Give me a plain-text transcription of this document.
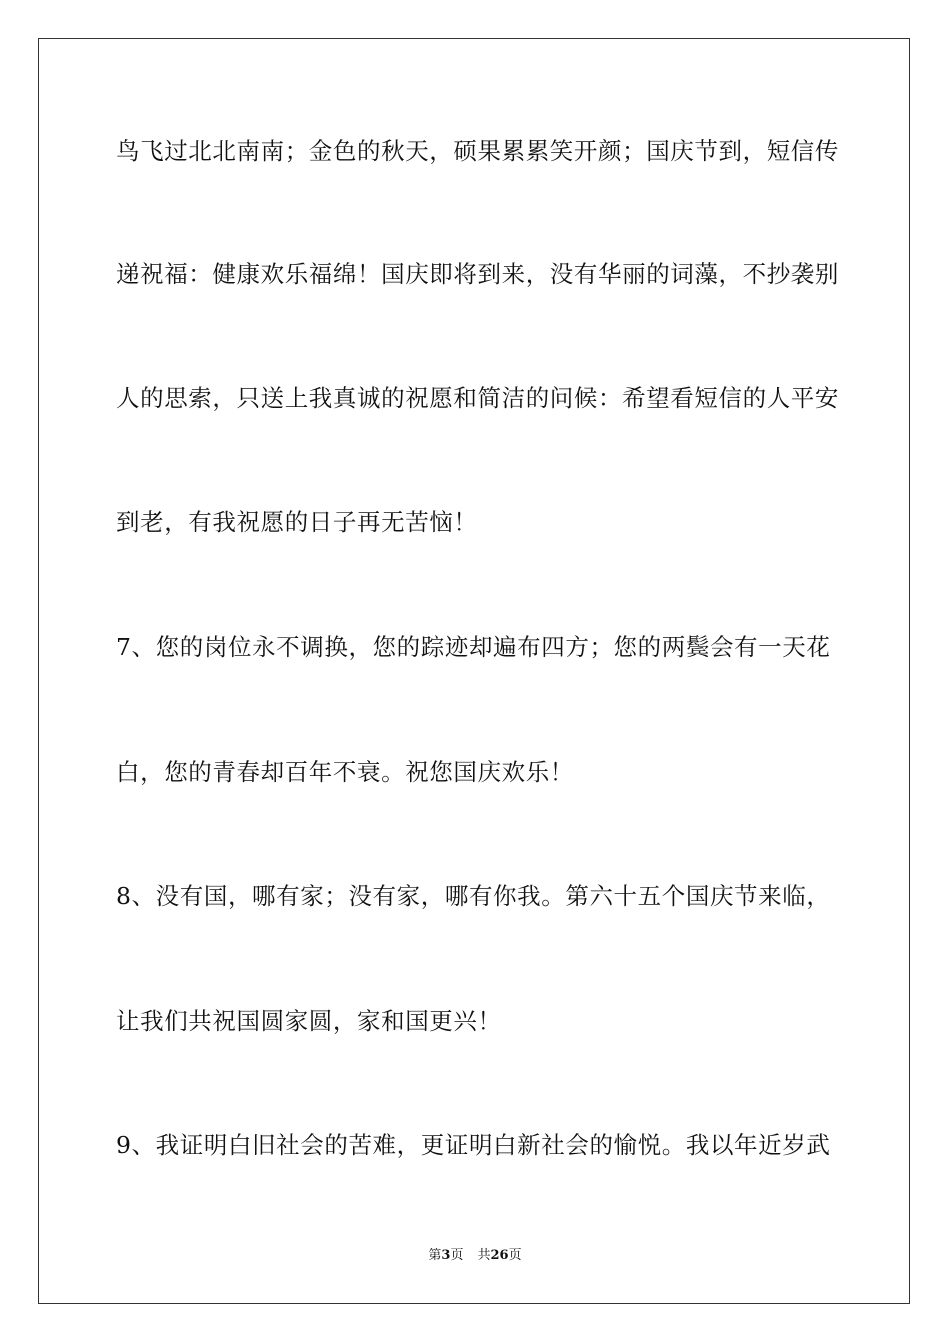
鸟飞过北北南南；金色的秋天，硕果累累笑开颜；国庆节到，短信传
递祝福：健康欢乐福绵！国庆即将到来，没有华丽的词藻，不抄袭别
人的思索，只送上我真诚的祝愿和简洁的问候：希望看短信的人平安
到老，有我祝愿的日子再无苦恼！
7、您的岗位永不调换，您的踪迹却遍布四方；您的两鬓会有一天花
白，您的青春却百年不衰。祝您国庆欢乐！
8、没有国，哪有家；没有家，哪有你我。第六十五个国庆节来临，
让我们共祝国圆家圆，家和国更兴！
9、我证明白旧社会的苦难，更证明白新社会的愉悦。我以年近岁武
第3页 共26页
